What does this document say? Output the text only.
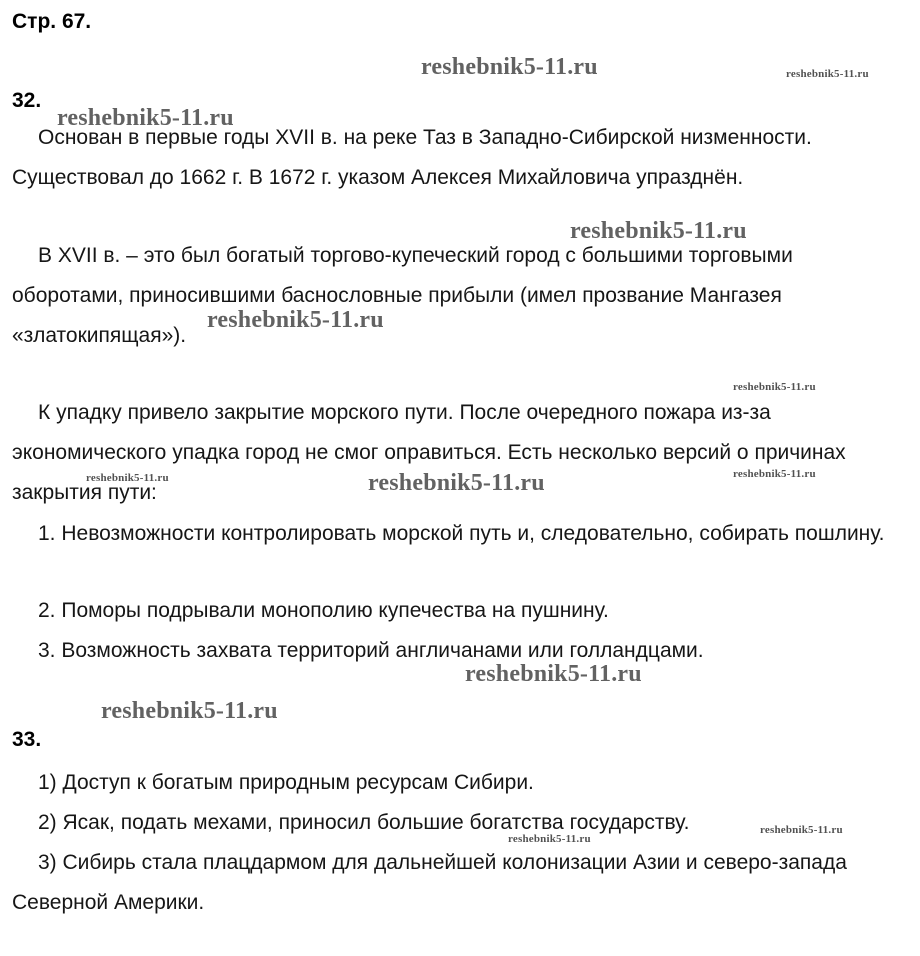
Стр. 67.
32.

Основан в первые годы XVII в. на реке Таз в Западно-Сибирской низменности. Существовал до 1662 г. В 1672 г. указом Алексея Михайловича упразднён.

В XVII в. – это был богатый торгово-купеческий город с большими торговыми оборотами, приносившими баснословные прибыли (имел прозвание Мангазея «златокипящая»).

К упадку привело закрытие морского пути. После очередного пожара из-за экономического упадка город не смог оправиться. Есть несколько версий о причинах закрытия пути:

1. Невозможности контролировать морской путь и, следовательно, собирать пошлину.

2. Поморы подрывали монополию купечества на пушнину.

3. Возможность захвата территорий англичанами или голландцами.

33.

1) Доступ к богатым природным ресурсам Сибири.

2) Ясак, подать мехами, приносил большие богатства государству.

3) Сибирь стала плацдармом для дальнейшей колонизации Азии и северо-запада Северной Америки.

reshebnik5-11.ru	reshebnik5-11.ru
reshebnik5-11.ru
reshebnik5-11.ru
reshebnik5-11.ru
reshebnik5-11.ru
reshebnik5-11.ru	reshebnik5-11.ru
reshebnik5-11.ru
reshebnik5-11.ru
reshebnik5-11.ru
reshebnik5-11.ru
reshebnik5-11.ru
